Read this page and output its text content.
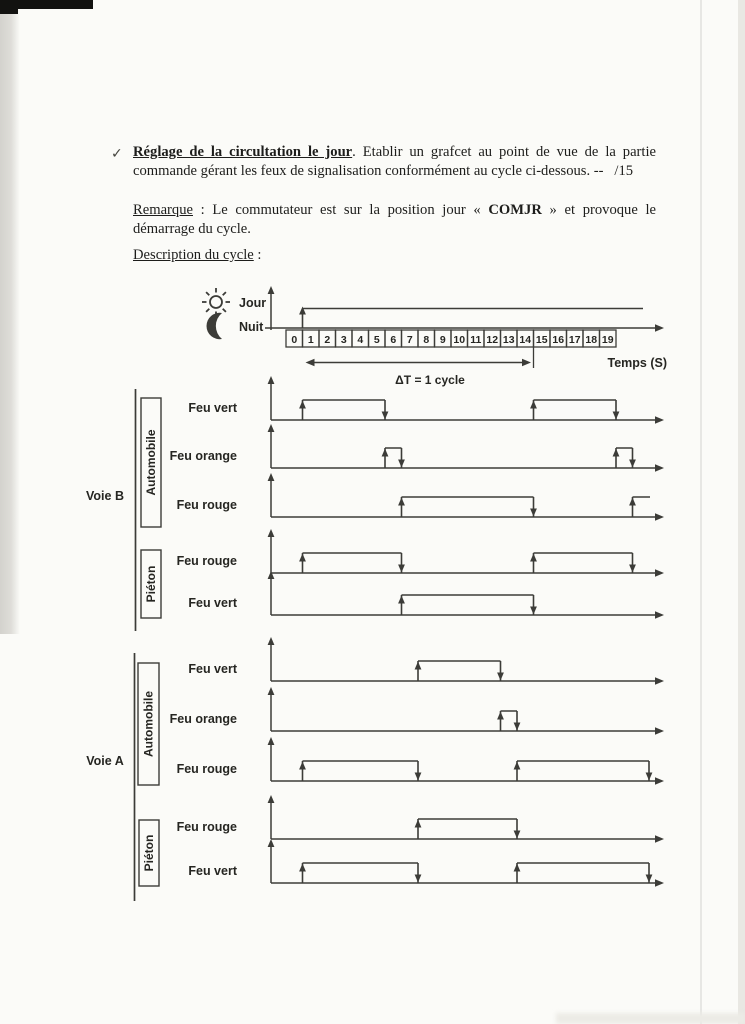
✓ Réglage de la circultation le jour. Etablir un grafcet au point de vue de la partie commande gérant les feux de signalisation conformément au cycle ci-dessous. --   /15
Remarque : Le commutateur est sur la position jour « COMJR » et provoque le démarrage du cycle.
Description du cycle :
Jour
Nuit
0 1 2 3 4 5 6 7 8 9 10 11 12 13 14 15 16 17 18 19
Temps (S)
ΔT = 1 cycle
Voie B
Automobile
Feu vert
Feu orange
Feu rouge
Piéton
Feu rouge
Feu vert
Voie A
Automobile
Feu vert
Feu orange
Feu rouge
Piéton
Feu rouge
Feu vert
